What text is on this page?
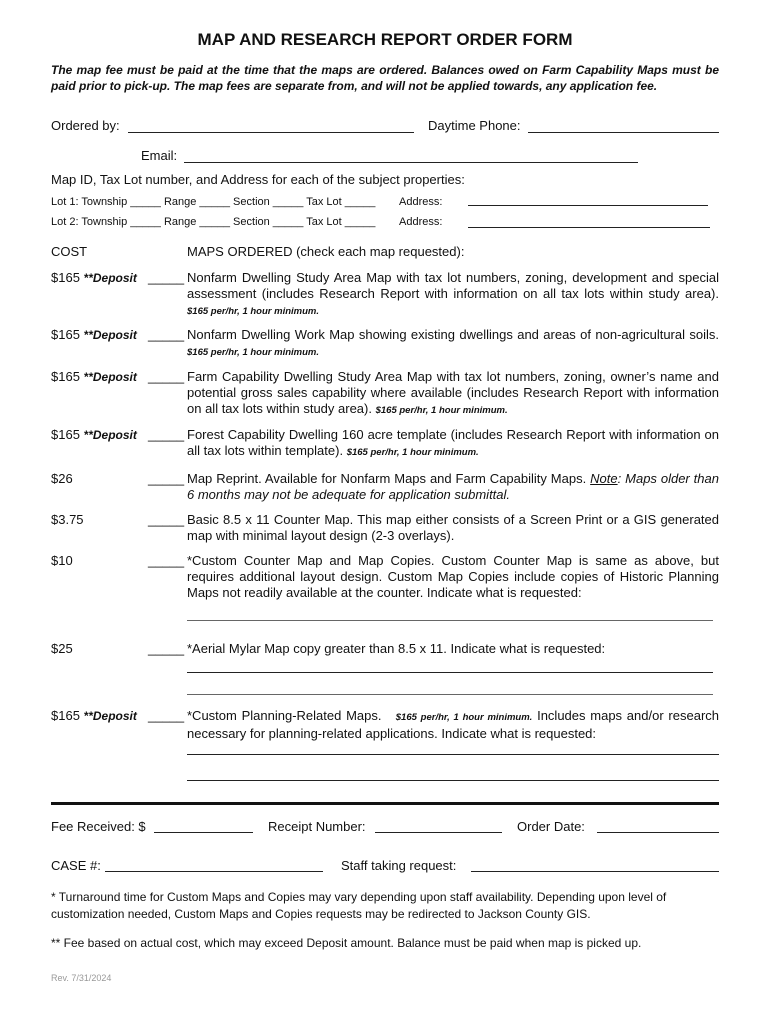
MAP AND RESEARCH REPORT ORDER FORM
The map fee must be paid at the time that the maps are ordered. Balances owed on Farm Capability Maps must be paid prior to pick-up. The map fees are separate from, and will not be applied towards, any application fee.
Ordered by:	Daytime Phone:
Email:
Map ID, Tax Lot number, and Address for each of the subject properties:
Lot 1: Township _____ Range _____ Section _____ Tax Lot _____ Address:
Lot 2: Township _____ Range _____ Section _____ Tax Lot _____ Address:
COST	MAPS ORDERED (check each map requested):
$165 **Deposit _____ Nonfarm Dwelling Study Area Map with tax lot numbers, zoning, development and special assessment (includes Research Report with information on all tax lots within study area). $165 per/hr, 1 hour minimum.
$165 **Deposit _____ Nonfarm Dwelling Work Map showing existing dwellings and areas of non-agricultural soils. $165 per/hr, 1 hour minimum.
$165 **Deposit _____ Farm Capability Dwelling Study Area Map with tax lot numbers, zoning, owner’s name and potential gross sales capability where available (includes Research Report with information on all tax lots within study area). $165 per/hr, 1 hour minimum.
$165 **Deposit _____ Forest Capability Dwelling 160 acre template (includes Research Report with information on all tax lots within template). $165 per/hr, 1 hour minimum.
$26	_____ Map Reprint. Available for Nonfarm Maps and Farm Capability Maps. Note: Maps older than 6 months may not be adequate for application submittal.
$3.75	_____ Basic 8.5 x 11 Counter Map. This map either consists of a Screen Print or a GIS generated map with minimal layout design (2-3 overlays).
$10	_____ *Custom Counter Map and Map Copies. Custom Counter Map is same as above, but requires additional layout design. Custom Map Copies include copies of Historic Planning Maps not readily available at the counter. Indicate what is requested:
$25	_____ *Aerial Mylar Map copy greater than 8.5 x 11. Indicate what is requested:
$165 **Deposit _____ *Custom Planning-Related Maps. $165 per/hr, 1 hour minimum. Includes maps and/or research necessary for planning-related applications. Indicate what is requested:
Fee Received: $	Receipt Number:	Order Date:
CASE #:	Staff taking request:
* Turnaround time for Custom Maps and Copies may vary depending upon staff availability. Depending upon level of customization needed, Custom Maps and Copies requests may be redirected to Jackson County GIS.
** Fee based on actual cost, which may exceed Deposit amount. Balance must be paid when map is picked up.
Rev. 7/31/2024
